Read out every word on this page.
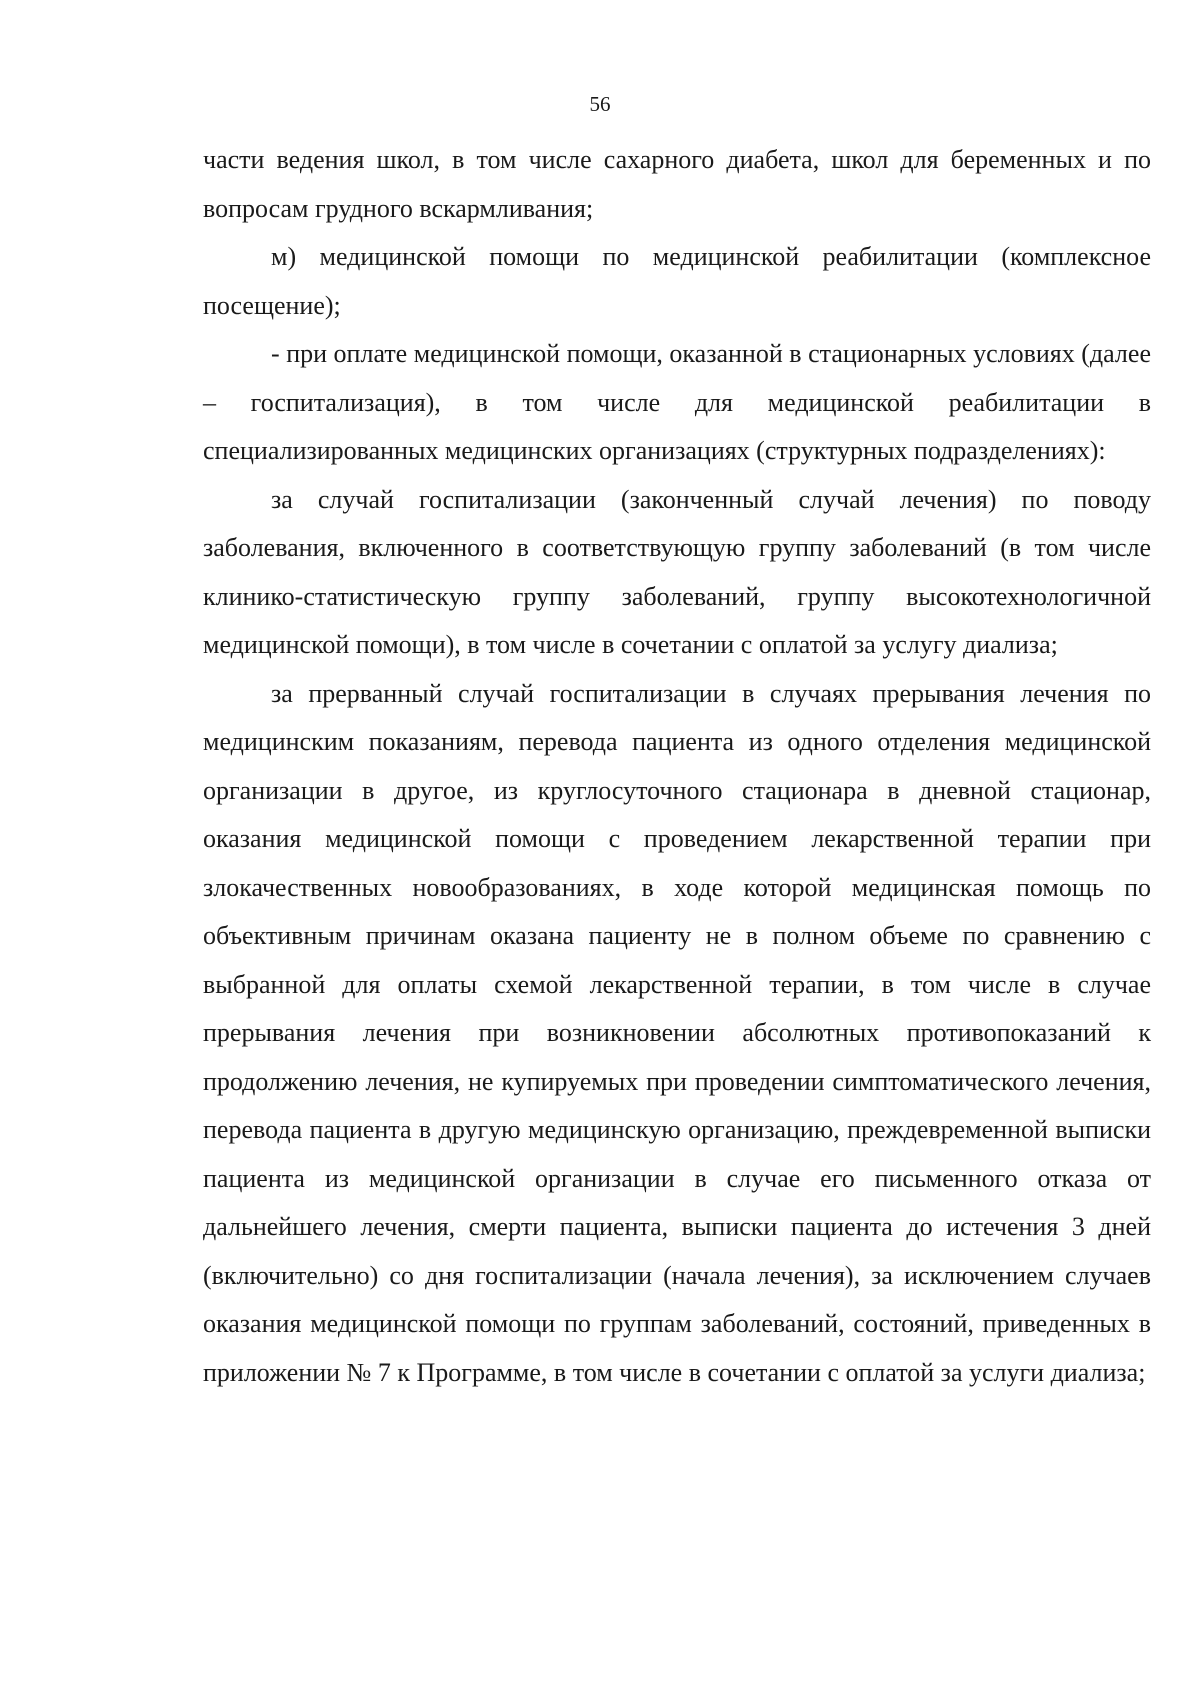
56

части ведения школ, в том числе сахарного диабета, школ для беременных и по вопросам грудного вскармливания;

м) медицинской помощи по медицинской реабилитации (комплексное посещение);

- при оплате медицинской помощи, оказанной в стационарных условиях (далее – госпитализация), в том числе для медицинской реабилитации в специализированных медицинских организациях (структурных подразделениях):

за случай госпитализации (законченный случай лечения) по поводу заболевания, включенного в соответствующую группу заболеваний (в том числе клинико-статистическую группу заболеваний, группу высокотехнологичной медицинской помощи), в том числе в сочетании с оплатой за услугу диализа;

за прерванный случай госпитализации в случаях прерывания лечения по медицинским показаниям, перевода пациента из одного отделения медицинской организации в другое, из круглосуточного стационара в дневной стационар, оказания медицинской помощи с проведением лекарственной терапии при злокачественных новообразованиях, в ходе которой медицинская помощь по объективным причинам оказана пациенту не в полном объеме по сравнению с выбранной для оплаты схемой лекарственной терапии, в том числе в случае прерывания лечения при возникновении абсолютных противопоказаний к продолжению лечения, не купируемых при проведении симптоматического лечения, перевода пациента в другую медицинскую организацию, преждевременной выписки пациента из медицинской организации в случае его письменного отказа от дальнейшего лечения, смерти пациента, выписки пациента до истечения 3 дней (включительно) со дня госпитализации (начала лечения), за исключением случаев оказания медицинской помощи по группам заболеваний, состояний, приведенных в приложении № 7 к Программе, в том числе в сочетании с оплатой за услуги диализа;
